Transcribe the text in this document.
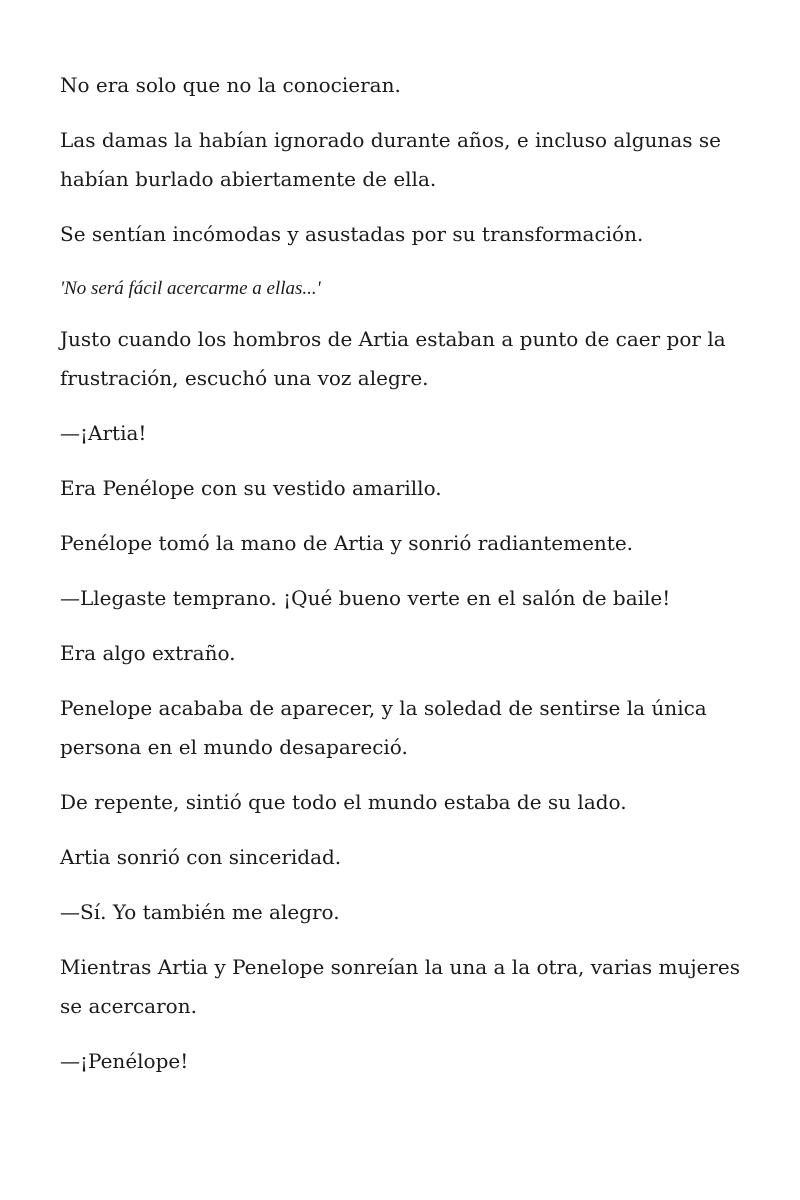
No era solo que no la conocieran.

Las damas la habían ignorado durante años, e incluso algunas se habían burlado abiertamente de ella.

Se sentían incómodas y asustadas por su transformación.

'No será fácil acercarme a ellas...'

Justo cuando los hombros de Artia estaban a punto de caer por la frustración, escuchó una voz alegre.

—¡Artia!

Era Penélope con su vestido amarillo.

Penélope tomó la mano de Artia y sonrió radiantemente.

—Llegaste temprano. ¡Qué bueno verte en el salón de baile!

Era algo extraño.

Penelope acababa de aparecer, y la soledad de sentirse la única persona en el mundo desapareció.

De repente, sintió que todo el mundo estaba de su lado.

Artia sonrió con sinceridad.

—Sí. Yo también me alegro.

Mientras Artia y Penelope sonreían la una a la otra, varias mujeres se acercaron.

—¡Penélope!
